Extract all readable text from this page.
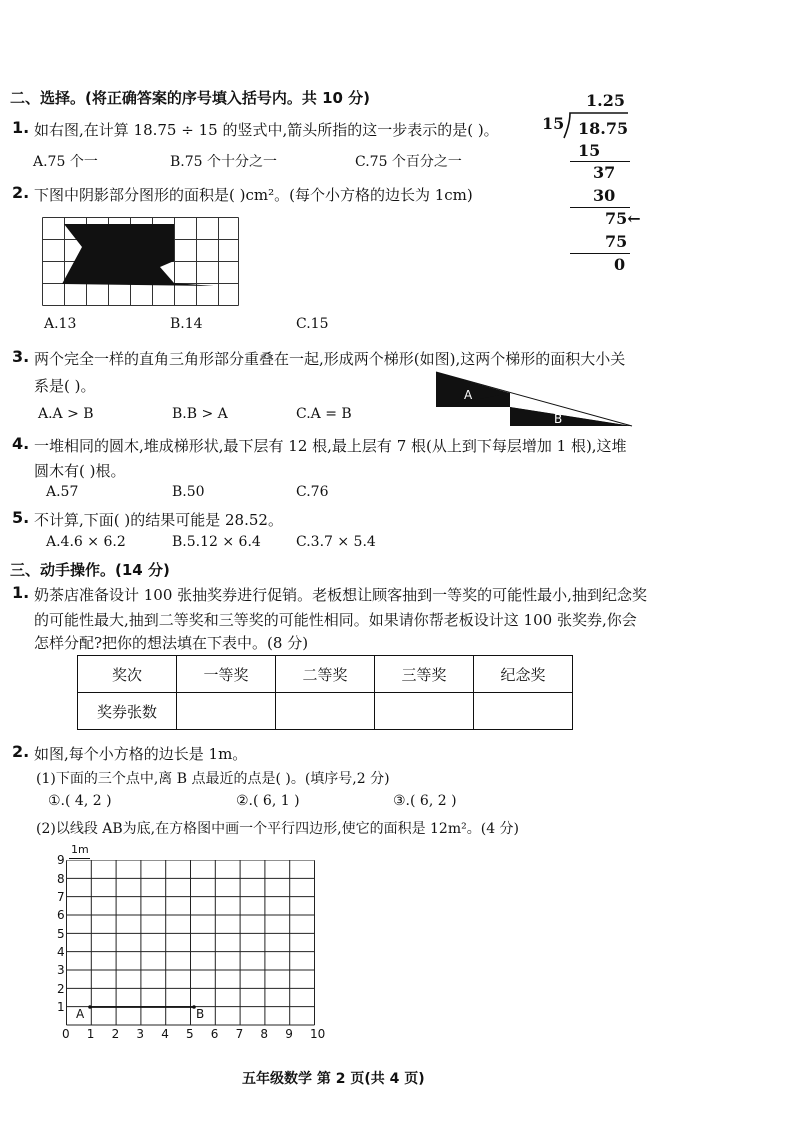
二、选择。(将正确答案的序号填入括号内。共 10 分)
1. 如右图,在计算 18.75 ÷ 15 的竖式中,箭头所指的这一步表示的是( )。
A.75 个一	B.75 个十分之一	C.75 个百分之一
1.25
15 18.75
15
37
30
75←
75
0
2. 下图中阴影部分图形的面积是( )cm²。(每个小方格的边长为 1cm)
A.13	B.14	C.15
3. 两个完全一样的直角三角形部分重叠在一起,形成两个梯形(如图),这两个梯形的面积大小关
系是( )。
A.A > B	B.B > A	C.A = B
A
B
4. 一堆相同的圆木,堆成梯形状,最下层有 12 根,最上层有 7 根(从上到下每层增加 1 根),这堆
圆木有( )根。
A.57	B.50	C.76
5. 不计算,下面( )的结果可能是 28.52。
A.4.6 × 6.2	B.5.12 × 6.4	C.3.7 × 5.4
三、动手操作。(14 分)
1. 奶茶店准备设计 100 张抽奖券进行促销。老板想让顾客抽到一等奖的可能性最小,抽到纪念奖
的可能性最大,抽到二等奖和三等奖的可能性相同。如果请你帮老板设计这 100 张奖券,你会
怎样分配?把你的想法填在下表中。(8 分)
奖次	一等奖	二等奖	三等奖	纪念奖
奖券张数				
2. 如图,每个小方格的边长是 1m。
(1)下面的三个点中,离 B 点最近的点是( )。(填序号,2 分)
①.( 4, 2 )	②.( 6, 1 )	③.( 6, 2 )
(2)以线段 AB为底,在方格图中画一个平行四边形,使它的面积是 12m²。(4 分)
1m
0 1 2 3 4 5 6 7 8 9 10
1
2
3
4
5
6
7
8
9
A	B
五年级数学 第 2 页(共 4 页)
